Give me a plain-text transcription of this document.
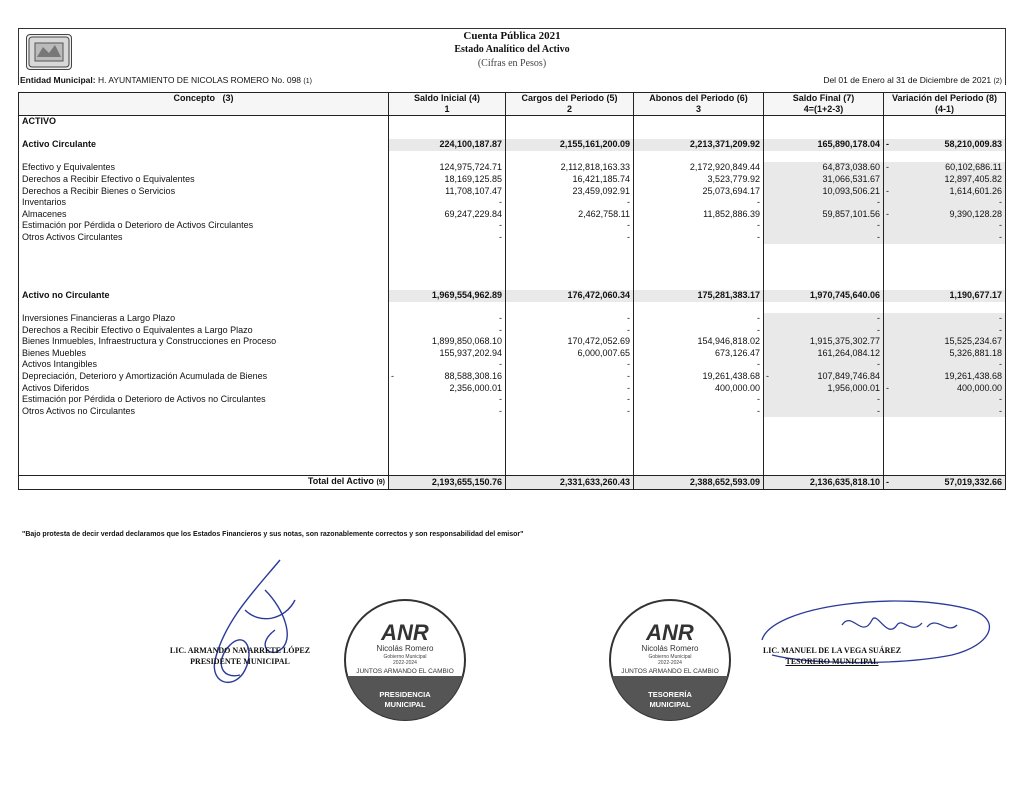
Cuenta Pública 2021
Estado Analítico del Activo
(Cifras en Pesos)
Entidad Municipal: H. AYUNTAMIENTO DE NICOLAS ROMERO No. 098 (1)	Del 01 de Enero al 31 de Diciembre de 2021 (2)
Concepto (3)	Saldo Inicial (4)	Cargos del Periodo (5)	Abonos del Periodo (6)	Saldo Final (7)	Variación del Periodo (8)
	1	2	3	4=(1+2-3)	(4-1)
ACTIVO					

Activo Circulante	224,100,187.87	2,155,161,200.09	2,213,371,209.92	165,890,178.04	- 58,210,009.83

Efectivo y Equivalentes	124,975,724.71	2,112,818,163.33	2,172,920,849.44	64,873,038.60	- 60,102,686.11
Derechos a Recibir Efectivo o Equivalentes	18,169,125.85	16,421,185.74	3,523,779.92	31,066,531.67	12,897,405.82
Derechos a Recibir Bienes o Servicios	11,708,107.47	23,459,092.91	25,073,694.17	10,093,506.21	- 1,614,601.26
Inventarios	-	-	-	-	-
Almacenes	69,247,229.84	2,462,758.11	11,852,886.39	59,857,101.56	- 9,390,128.28
Estimación por Pérdida o Deterioro de Activos Circulantes	-	-	-	-	-
Otros Activos Circulantes	-	-	-	-	-

Activo no Circulante	1,969,554,962.89	176,472,060.34	175,281,383.17	1,970,745,640.06	1,190,677.17

Inversiones Financieras a Largo Plazo	-	-	-	-	-
Derechos a Recibir Efectivo o Equivalentes a Largo Plazo	-	-	-	-	-
Bienes Inmuebles, Infraestructura y Construcciones en Proceso	1,899,850,068.10	170,472,052.69	154,946,818.02	1,915,375,302.77	15,525,234.67
Bienes Muebles	155,937,202.94	6,000,007.65	673,126.47	161,264,084.12	5,326,881.18
Activos Intangibles	-	-	-	-	-
Depreciación, Deterioro y Amortización Acumulada de Bienes	- 88,588,308.16	-	19,261,438.68	- 107,849,746.84	19,261,438.68
Activos Diferidos	2,356,000.01	-	400,000.00	1,956,000.01	- 400,000.00
Estimación por Pérdida o Deterioro de Activos no Circulantes	-	-	-	-	-
Otros Activos no Circulantes	-	-	-	-	-

Total del Activo (9)	2,193,655,150.76	2,331,633,260.43	2,388,652,593.09	2,136,635,818.10	- 57,019,332.66
"Bajo protesta de decir verdad declaramos que los Estados Financieros y sus notas, son razonablemente correctos y son responsabilidad del emisor"
LIC. ARMANDO NAVARRETE LÓPEZ
PRESIDENTE MUNICIPAL
LIC. MANUEL DE LA VEGA SUÁREZ
TESORERO MUNICIPAL
ANR
Nicolás Romero
Gobierno Municipal
2022-2024
JUNTOS ARMANDO EL CAMBIO
PRESIDENCIA MUNICIPAL
ANR
Nicolás Romero
Gobierno Municipal
2022-2024
JUNTOS ARMANDO EL CAMBIO
TESORERÍA MUNICIPAL
